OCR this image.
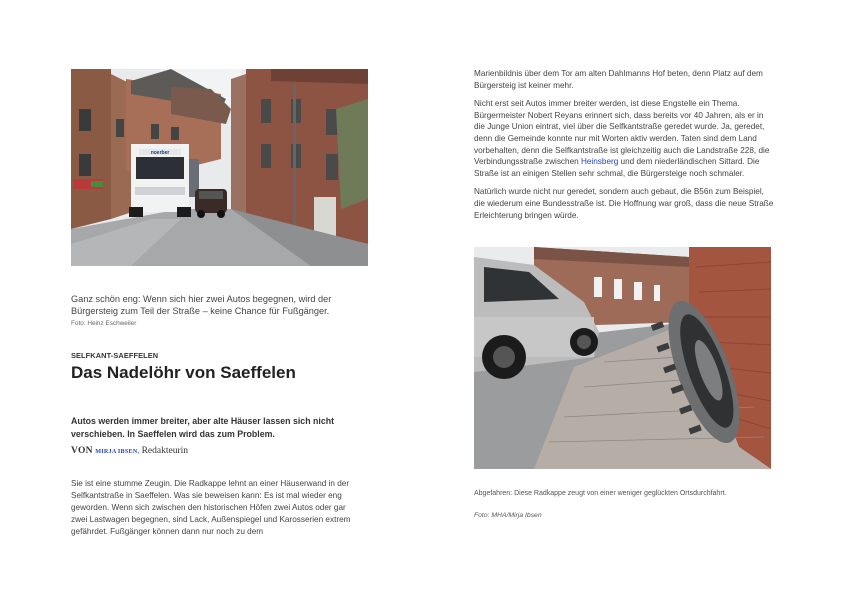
noerber
Ganz schön eng: Wenn sich hier zwei Autos begegnen, wird der Bürgersteig zum Teil der Straße – keine Chance für Fußgänger.
Foto: Heinz Eschweiler
SELFKANT-SAEFFELEN
Das Nadelöhr von Saeffelen
Autos werden immer breiter, aber alte Häuser lassen sich nicht verschieben. In Saeffelen wird das zum Problem.
VON MIRJA IBSEN, Redakteurin
Sie ist eine stumme Zeugin. Die Radkappe lehnt an einer Häuserwand in der Selfkantstraße in Saeffelen. Was sie beweisen kann: Es ist mal wieder eng geworden. Wenn sich zwischen den historischen Höfen zwei Autos oder gar zwei Lastwagen begegnen, sind Lack, Außenspiegel und Karosserien extrem gefährdet. Fußgänger können dann nur noch zu dem

Marienbildnis über dem Tor am alten Dahlmanns Hof beten, denn Platz auf dem Bürgersteig ist keiner mehr.

Nicht erst seit Autos immer breiter werden, ist diese Engstelle ein Thema. Bürgermeister Nobert Reyans erinnert sich, dass bereits vor 40 Jahren, als er in die Junge Union eintrat, viel über die Selfkantstraße geredet wurde. Ja, geredet, denn die Gemeinde konnte nur mit Worten aktiv werden. Taten sind dem Land vorbehalten, denn die Selfkantstraße ist gleichzeitig auch die Landstraße 228, die Verbindungsstraße zwischen Heinsberg und dem niederländischen Sittard. Die Straße ist an einigen Stellen sehr schmal, die Bürgersteige noch schmaler.

Natürlich wurde nicht nur geredet, sondern auch gebaut, die B56n zum Beispiel, die wiederum eine Bundesstraße ist. Die Hoffnung war groß, dass die neue Straße Erleichterung bringen würde.

Abgefahren: Diese Radkappe zeugt von einer weniger geglückten Ortsdurchfahrt.
Foto: MHA/Mirja Ibsen
